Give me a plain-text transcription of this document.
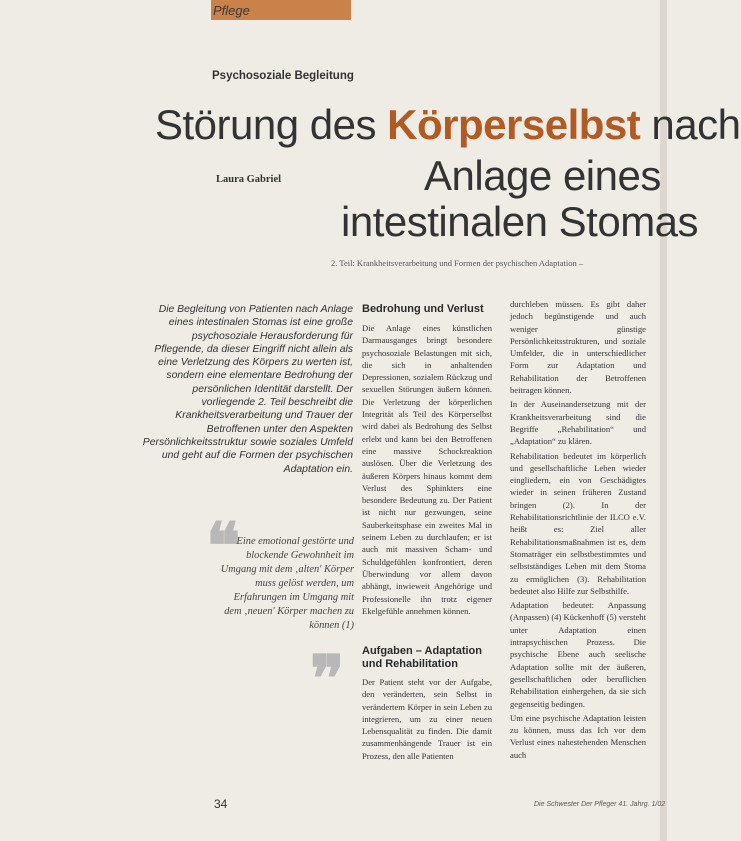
Pflege
Psychosoziale Begleitung
Störung des Körperselbst nach
Anlage eines
intestinalen Stomas
Laura Gabriel
2. Teil: Krankheitsverarbeitung und Formen der psychischen Adaptation –
Die Begleitung von Patienten nach Anlage eines intestinalen Stomas ist eine große psychosoziale Herausforderung für Pflegende, da dieser Eingriff nicht allein als eine Verletzung des Körpers zu werten ist, sondern eine elementare Bedrohung der persönlichen Identität darstellt. Der vorliegende 2. Teil beschreibt die Krankheitsverarbeitung und Trauer der Betroffenen unter den Aspekten Persönlichkeitsstruktur sowie soziales Umfeld und geht auf die Formen der psychischen Adaptation ein.
❝
Eine emotional gestörte und blockende Gewohnheit im Umgang mit dem ‚alten' Körper muss gelöst werden, um Erfahrungen im Umgang mit dem ‚neuen' Körper machen zu können (1)
❞
Bedrohung und Verlust
Die Anlage eines künstlichen Darmausganges bringt besondere psychosoziale Belastungen mit sich, die sich in anhaltenden Depressionen, sozialem Rückzug und sexuellen Störungen äußern können. Die Verletzung der körperlichen Integrität als Teil des Körperselbst wird dabei als Bedrohung des Selbst erlebt und kann bei den Betroffenen eine massive Schockreaktion auslösen. Über die Verletzung des äußeren Körpers hinaus kommt dem Verlust des Sphinkters eine besondere Bedeutung zu. Der Patient ist nicht nur gezwungen, seine Sauberkeitsphase ein zweites Mal in seinem Leben zu durchlaufen; er ist auch mit massiven Scham- und Schuldgefühlen konfrontiert, deren Überwindung vor allem davon abhängt, inwieweit Angehörige und Professionelle ihn trotz eigener Ekelgefühle annehmen können.
Aufgaben – Adaptation und Rehabilitation
Der Patient steht vor der Aufgabe, den veränderten, sein Selbst in verändertem Körper in sein Leben zu integrieren, um zu einer neuen Lebensqualität zu finden. Die damit zusammenhängende Trauer ist ein Prozess, den alle Patienten

durchleben müssen. Es gibt daher jedoch begünstigende und auch weniger günstige Persönlichkeitsstrukturen, und soziale Umfelder, die in unterschiedlicher Form zur Adaptation und Rehabilitation der Betroffenen beitragen können.

In der Auseinandersetzung mit der Krankheitsverarbeitung sind die Begriffe „Rehabilitation“ und „Adaptation“ zu klären.

Rehabilitation bedeutet im körperlich und gesellschaftliche Leben wieder eingliedern, ein von Geschädigtes wieder in seinen früheren Zustand bringen (2). In der Rehabilitationsrichtlinie der ILCO e.V. heißt es: Ziel aller Rehabilitationsmaßnahmen ist es, dem Stomaträger ein selbstbestimmtes und selbstständiges Leben mit dem Stoma zu ermöglichen (3). Rehabilitation bedeutet also Hilfe zur Selbsthilfe.

Adaptation bedeutet: Anpassung (Anpassen) (4) Kückenhoff (5) versteht unter Adaptation einen intrapsychischen Prozess. Die psychische Ebene auch seelische Adaptation sollte mit der äußeren, gesellschaftlichen oder beruflichen Rehabilitation einhergehen, da sie sich gegenseitig bedingen.

Um eine psychische Adaptation leisten zu können, muss das Ich vor dem Verlust eines nahestehenden Menschen auch

34	Die Schwester Der Pfleger 41. Jahrg. 1/02
